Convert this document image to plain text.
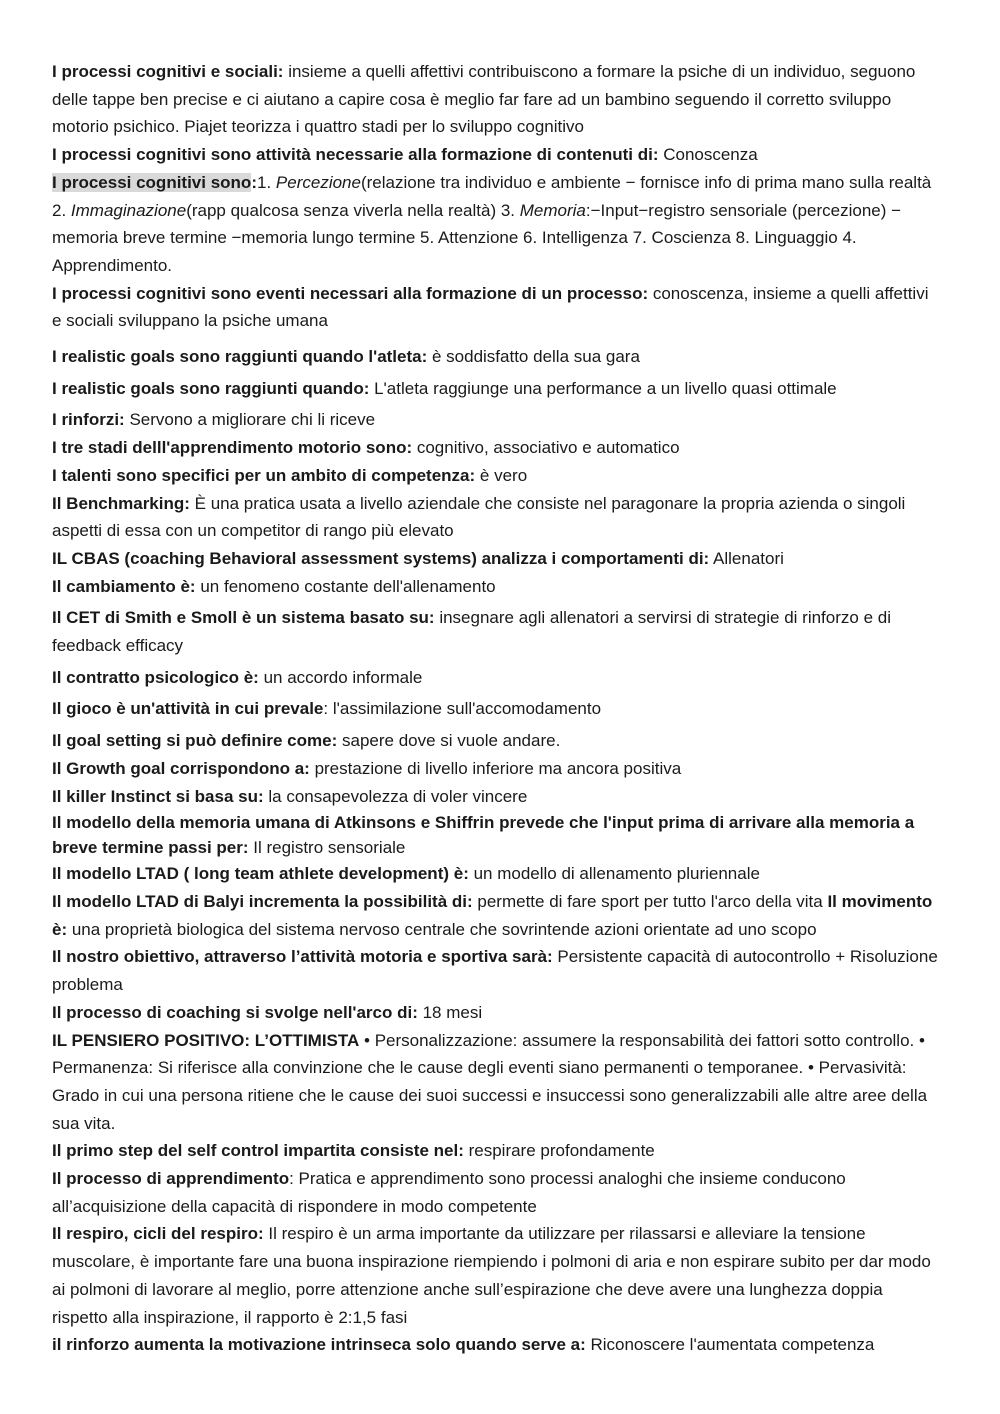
I processi cognitivi e sociali: insieme a quelli affettivi contribuiscono a formare la psiche di un individuo, seguono delle tappe ben precise e ci aiutano a capire cosa è meglio far fare ad un bambino seguendo il corretto sviluppo motorio psichico. Piajet teorizza i quattro stadi per lo sviluppo cognitivo

I processi cognitivi sono attività necessarie alla formazione di contenuti di: Conoscenza

I processi cognitivi sono:1. Percezione(relazione tra individuo e ambiente − fornisce info di prima mano sulla realtà 2. Immaginazione(rapp qualcosa senza viverla nella realtà) 3. Memoria:−Input−registro sensoriale (percezione) − memoria breve termine −memoria lungo termine 5. Attenzione 6. Intelligenza 7. Coscienza 8. Linguaggio 4. Apprendimento.

I processi cognitivi sono eventi necessari alla formazione di un processo: conoscenza, insieme a quelli affettivi e sociali sviluppano la psiche umana

I realistic goals sono raggiunti quando l'atleta: è soddisfatto della sua gara

I realistic goals sono raggiunti quando: L'atleta raggiunge una performance a un livello quasi ottimale

I rinforzi: Servono a migliorare chi li riceve

I tre stadi delll'apprendimento motorio sono: cognitivo, associativo e automatico

I talenti sono specifici per un ambito di competenza: è vero

Il Benchmarking: È una pratica usata a livello aziendale che consiste nel paragonare la propria azienda o singoli aspetti di essa con un competitor di rango più elevato

IL CBAS (coaching Behavioral assessment systems) analizza i comportamenti di: Allenatori

Il cambiamento è: un fenomeno costante dell'allenamento

Il CET di Smith e Smoll è un sistema basato su: insegnare agli allenatori a servirsi di strategie di rinforzo e di feedback efficacy

Il contratto psicologico è: un accordo informale

Il gioco è un'attività in cui prevale: l'assimilazione sull'accomodamento

Il goal setting si può definire come: sapere dove si vuole andare.

Il Growth goal corrispondono a: prestazione di livello inferiore ma ancora positiva

Il killer Instinct si basa su: la consapevolezza di voler vincere

Il modello della memoria umana di Atkinsons e Shiffrin prevede che l'input prima di arrivare alla memoria a breve termine passi per: Il registro sensoriale

Il modello LTAD ( long team athlete development) è: un modello di allenamento pluriennale

Il modello LTAD di Balyi incrementa la possibilità di: permette di fare sport per tutto l'arco della vita Il movimento è: una proprietà biologica del sistema nervoso centrale che sovrintende azioni orientate ad uno scopo

Il nostro obiettivo, attraverso l’attività motoria e sportiva sarà: Persistente capacità di autocontrollo + Risoluzione problema

Il processo di coaching si svolge nell'arco di: 18 mesi

IL PENSIERO POSITIVO: L’OTTIMISTA • Personalizzazione: assumere la responsabilità dei fattori sotto controllo. • Permanenza: Si riferisce alla convinzione che le cause degli eventi siano permanenti o temporanee. • Pervasività: Grado in cui una persona ritiene che le cause dei suoi successi e insuccessi sono generalizzabili alle altre aree della sua vita.

Il primo step del self control impartita consiste nel: respirare profondamente

Il processo di apprendimento: Pratica e apprendimento sono processi analoghi che insieme conducono all’acquisizione della capacità di rispondere in modo competente

Il respiro, cicli del respiro: Il respiro è un arma importante da utilizzare per rilassarsi e alleviare la tensione muscolare, è importante fare una buona inspirazione riempiendo i polmoni di aria e non espirare subito per dar modo ai polmoni di lavorare al meglio, porre attenzione anche sull’espirazione che deve avere una lunghezza doppia rispetto alla inspirazione, il rapporto è 2:1,5 fasi

il rinforzo aumenta la motivazione intrinseca solo quando serve a: Riconoscere l'aumentata competenza
